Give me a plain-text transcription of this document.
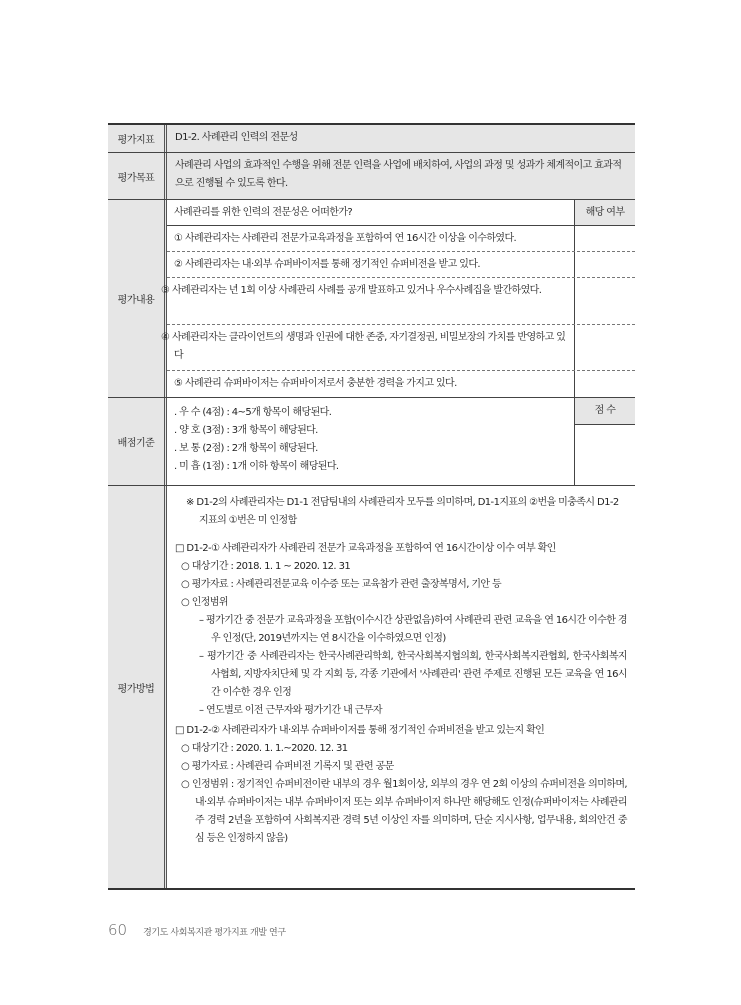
평가지표	D1-2. 사례관리 인력의 전문성
평가목표
사례관리 사업의 효과적인 수행을 위해 전문 인력을 사업에 배치하여, 사업의 과정 및 성과가 체계적이고 효과적으로 진행될 수 있도록 한다.
평가내용
사례관리를 위한 인력의 전문성은 어떠한가?	해당 여부
① 사례관리자는 사례관리 전문가교육과정을 포함하여 연 16시간 이상을 이수하였다.
② 사례관리자는 내·외부 슈퍼바이저를 통해 정기적인 슈퍼비전을 받고 있다.
③ 사례관리자는 년 1회 이상 사례관리 사례를 공개 발표하고 있거나 우수사례집을 발간하였다.
④ 사례관리자는 클라이언트의 생명과 인권에 대한 존중, 자기결정권, 비밀보장의 가치를 반영하고 있다
⑤ 사례관리 슈퍼바이저는 슈퍼바이저로서 충분한 경력을 가지고 있다.
배점기준
. 우 수 (4점) : 4~5개 항목이 해당된다.
. 양 호 (3점) : 3개 항목이 해당된다.
. 보 통 (2점) : 2개 항목이 해당된다.
. 미 흡 (1점) : 1개 이하 항목이 해당된다.
점 수
평가방법

※ D1-2의 사례관리자는 D1-1 전담팀내의 사례관리자 모두를 의미하며, D1-1지표의 ②번을 미충족시 D1-2지표의 ①번은 미 인정함

□ D1-2-① 사례관리자가 사례관리 전문가 교육과정을 포함하여 연 16시간이상 이수 여부 확인

○ 대상기간 : 2018. 1. 1 ~ 2020. 12. 31

○ 평가자료 : 사례관리전문교육 이수증 또는 교육참가 관련 출장복명서, 기안 등

○ 인정범위

– 평가기간 중 전문가 교육과정을 포함(이수시간 상관없음)하여 사례관리 관련 교육을 연 16시간 이수한 경우 인정(단, 2019년까지는 연 8시간을 이수하였으면 인정)

– 평가기간 중 사례관리자는 한국사례관리학회, 한국사회복지협의회, 한국사회복지관협회, 한국사회복지사협회, 지방자치단체 및 각 지회 등, 각종 기관에서 '사례관리' 관련 주제로 진행된 모든 교육을 연 16시간 이수한 경우 인정

– 연도별로 이전 근무자와 평가기간 내 근무자

□ D1-2-② 사례관리자가 내·외부 슈퍼바이저를 통해 정기적인 슈퍼비전을 받고 있는지 확인

○ 대상기간 : 2020. 1. 1.~2020. 12. 31

○ 평가자료 : 사례관리 슈퍼비전 기록지 및 관련 공문

○ 인정범위 : 정기적인 슈퍼비전이란 내부의 경우 월1회이상, 외부의 경우 연 2회 이상의 슈퍼비전을 의미하며, 내·외부 슈퍼바이저는 내부 슈퍼바이저 또는 외부 슈퍼바이저 하나만 해당해도 인정(슈퍼바이저는 사례관리 주 경력 2년을 포함하여 사회복지관 경력 5년 이상인 자를 의미하며, 단순 지시사항, 업무내용, 회의안건 중심 등은 인정하지 않음)

60 경기도 사회복지관 평가지표 개발 연구
